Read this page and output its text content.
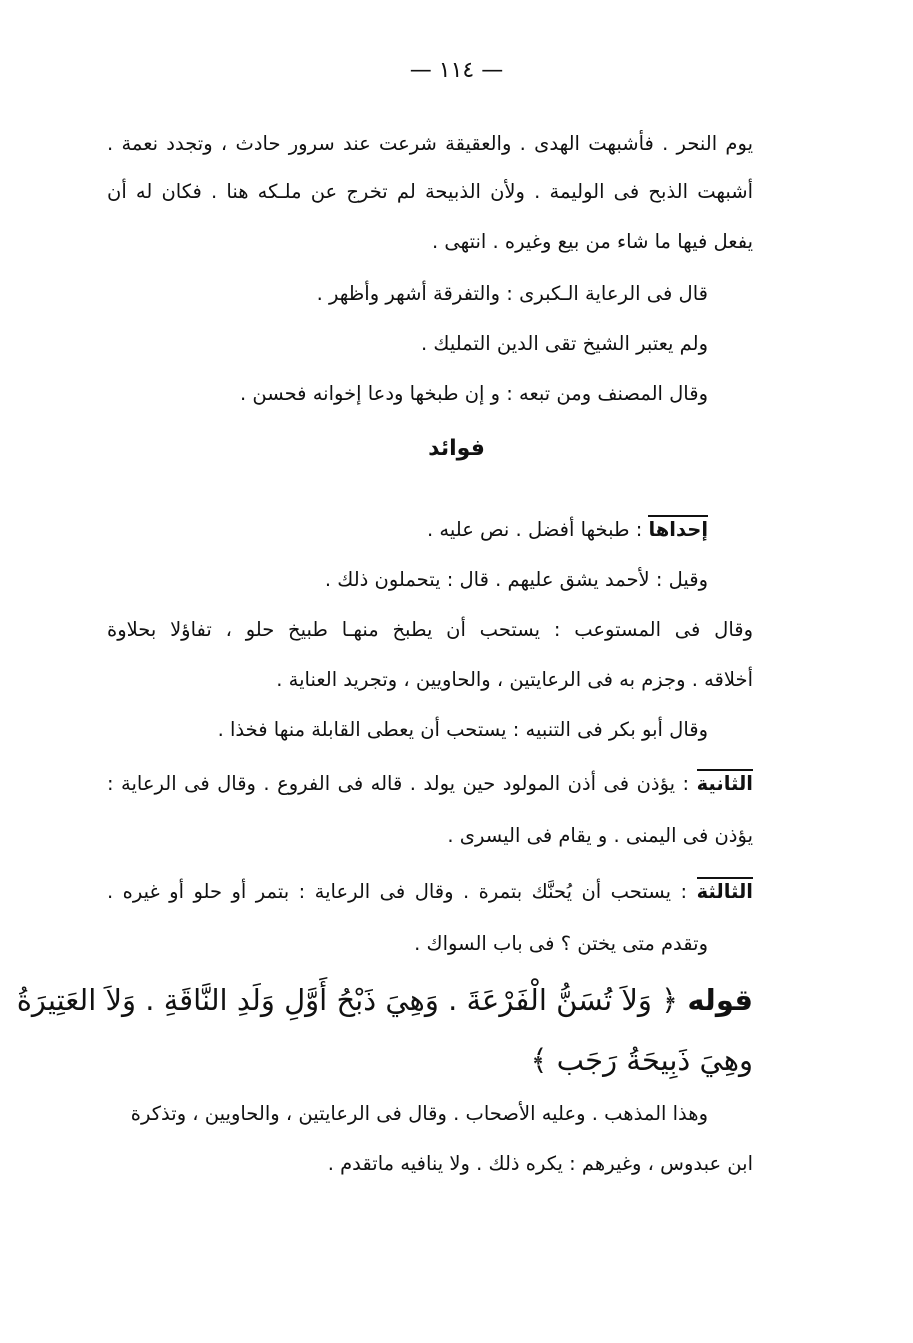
— ١١٤ —
يوم النحر . فأشبهت الهدى . والعقيقة شرعت عند سرور حادث ، وتجدد نعمة .
أشبهت الذبح فى الوليمة . ولأن الذبيحة لم تخرج عن ملـكه هنا . فكان له أن
يفعل فيها ما شاء من بيع وغيره . انتهى .
قال فى الرعاية الـكبرى : والتفرقة أشهر وأظهر .
ولم يعتبر الشيخ تقى الدين التمليك .
وقال المصنف ومن تبعه : و إن طبخها ودعا إخوانه فحسن .
فوائد
إحداها : طبخها أفضل . نص عليه .
وقيل : لأحمد يشق عليهم . قال : يتحملون ذلك .
وقال فى المستوعب : يستحب أن يطبخ منهـا طبيخ حلو ، تفاؤلا بحلاوة
أخلاقه . وجزم به فى الرعايتين ، والحاويين ، وتجريد العناية .
وقال أبو بكر فى التنبيه : يستحب أن يعطى القابلة منها فخذا .
الثانية : يؤذن فى أذن المولود حين يولد . قاله فى الفروع . وقال فى الرعاية :
يؤذن فى اليمنى . و يقام فى اليسرى .
الثالثة : يستحب أن يُحنَّك بتمرة . وقال فى الرعاية : بتمر أو حلو أو غيره .
وتقدم متى يختن ؟ فى باب السواك .
قوله ﴿ وَلاَ تُسَنُّ الْفَرْعَةَ . وَهِيَ ذَبْحُ أَوَّلِ وَلَدِ النَّاقَةِ . وَلاَ العَتِيرَةُ
وهِيَ ذَبِيحَةُ رَجَب ﴾
وهذا المذهب . وعليه الأصحاب . وقال فى الرعايتين ، والحاويين ، وتذكرة
ابن عبدوس ، وغيرهم : يكره ذلك . ولا ينافيه ماتقدم .
